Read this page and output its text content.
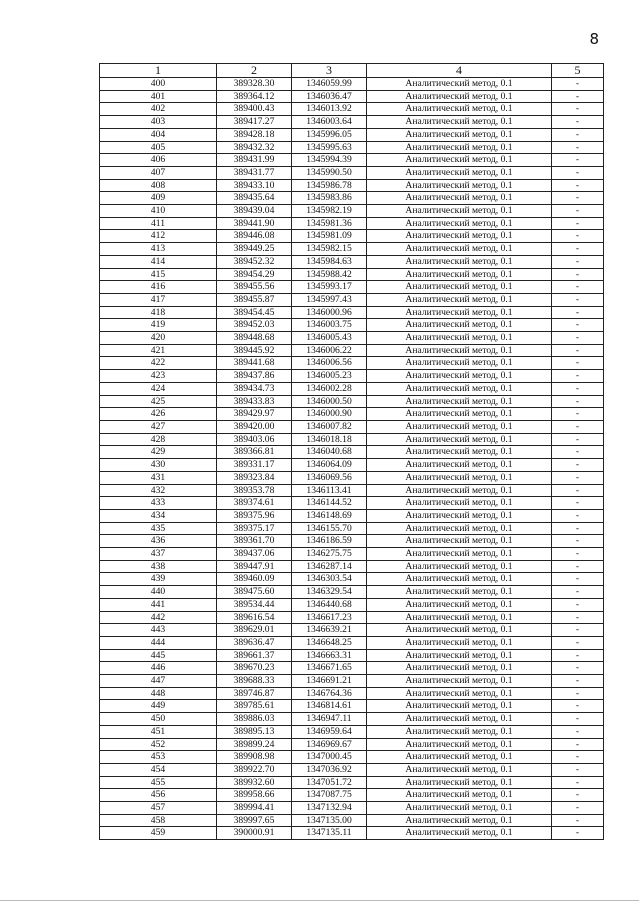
8
1	2	3	4	5
400	389328.30	1346059.99	Аналитический метод, 0.1	-
401	389364.12	1346036.47	Аналитический метод, 0.1	-
402	389400.43	1346013.92	Аналитический метод, 0.1	-
403	389417.27	1346003.64	Аналитический метод, 0.1	-
404	389428.18	1345996.05	Аналитический метод, 0.1	-
405	389432.32	1345995.63	Аналитический метод, 0.1	-
406	389431.99	1345994.39	Аналитический метод, 0.1	-
407	389431.77	1345990.50	Аналитический метод, 0.1	-
408	389433.10	1345986.78	Аналитический метод, 0.1	-
409	389435.64	1345983.86	Аналитический метод, 0.1	-
410	389439.04	1345982.19	Аналитический метод, 0.1	-
411	389441.90	1345981.36	Аналитический метод, 0.1	-
412	389446.08	1345981.09	Аналитический метод, 0.1	-
413	389449.25	1345982.15	Аналитический метод, 0.1	-
414	389452.32	1345984.63	Аналитический метод, 0.1	-
415	389454.29	1345988.42	Аналитический метод, 0.1	-
416	389455.56	1345993.17	Аналитический метод, 0.1	-
417	389455.87	1345997.43	Аналитический метод, 0.1	-
418	389454.45	1346000.96	Аналитический метод, 0.1	-
419	389452.03	1346003.75	Аналитический метод, 0.1	-
420	389448.68	1346005.43	Аналитический метод, 0.1	-
421	389445.92	1346006.22	Аналитический метод, 0.1	-
422	389441.68	1346006.56	Аналитический метод, 0.1	-
423	389437.86	1346005.23	Аналитический метод, 0.1	-
424	389434.73	1346002.28	Аналитический метод, 0.1	-
425	389433.83	1346000.50	Аналитический метод, 0.1	-
426	389429.97	1346000.90	Аналитический метод, 0.1	-
427	389420.00	1346007.82	Аналитический метод, 0.1	-
428	389403.06	1346018.18	Аналитический метод, 0.1	-
429	389366.81	1346040.68	Аналитический метод, 0.1	-
430	389331.17	1346064.09	Аналитический метод, 0.1	-
431	389323.84	1346069.56	Аналитический метод, 0.1	-
432	389353.78	1346113.41	Аналитический метод, 0.1	-
433	389374.61	1346144.52	Аналитический метод, 0.1	-
434	389375.96	1346148.69	Аналитический метод, 0.1	-
435	389375.17	1346155.70	Аналитический метод, 0.1	-
436	389361.70	1346186.59	Аналитический метод, 0.1	-
437	389437.06	1346275.75	Аналитический метод, 0.1	-
438	389447.91	1346287.14	Аналитический метод, 0.1	-
439	389460.09	1346303.54	Аналитический метод, 0.1	-
440	389475.60	1346329.54	Аналитический метод, 0.1	-
441	389534.44	1346440.68	Аналитический метод, 0.1	-
442	389616.54	1346617.23	Аналитический метод, 0.1	-
443	389629.01	1346639.21	Аналитический метод, 0.1	-
444	389636.47	1346648.25	Аналитический метод, 0.1	-
445	389661.37	1346663.31	Аналитический метод, 0.1	-
446	389670.23	1346671.65	Аналитический метод, 0.1	-
447	389688.33	1346691.21	Аналитический метод, 0.1	-
448	389746.87	1346764.36	Аналитический метод, 0.1	-
449	389785.61	1346814.61	Аналитический метод, 0.1	-
450	389886.03	1346947.11	Аналитический метод, 0.1	-
451	389895.13	1346959.64	Аналитический метод, 0.1	-
452	389899.24	1346969.67	Аналитический метод, 0.1	-
453	389908.98	1347000.45	Аналитический метод, 0.1	-
454	389922.70	1347036.92	Аналитический метод, 0.1	-
455	389932.60	1347051.72	Аналитический метод, 0.1	-
456	389958.66	1347087.75	Аналитический метод, 0.1	-
457	389994.41	1347132.94	Аналитический метод, 0.1	-
458	389997.65	1347135.00	Аналитический метод, 0.1	-
459	390000.91	1347135.11	Аналитический метод, 0.1	-
